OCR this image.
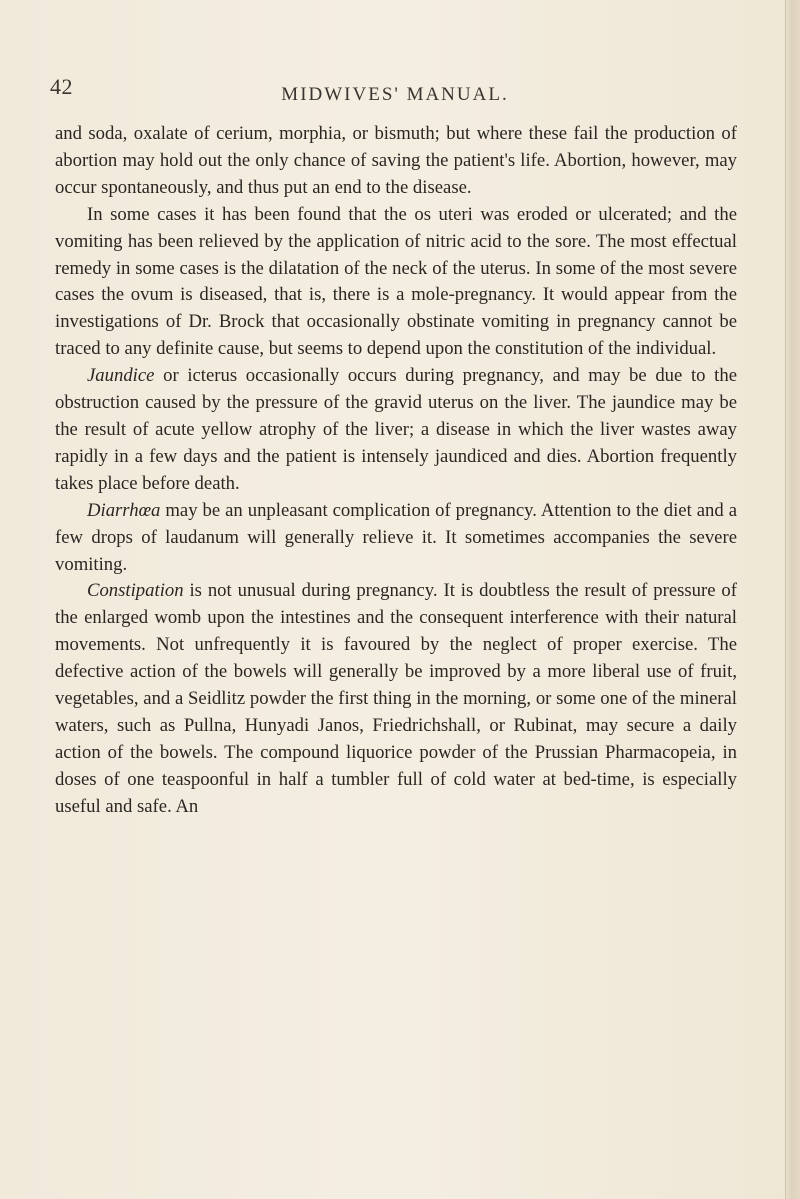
42	MIDWIVES' MANUAL.

and soda, oxalate of cerium, morphia, or bismuth; but where these fail the production of abortion may hold out the only chance of saving the patient's life. Abortion, however, may occur spontaneously, and thus put an end to the disease.

In some cases it has been found that the os uteri was eroded or ulcerated; and the vomiting has been relieved by the application of nitric acid to the sore. The most effectual remedy in some cases is the dilatation of the neck of the uterus. In some of the most severe cases the ovum is diseased, that is, there is a mole-pregnancy. It would appear from the investigations of Dr. Brock that occasionally obstinate vomiting in pregnancy cannot be traced to any definite cause, but seems to depend upon the constitution of the individual.

Jaundice or icterus occasionally occurs during pregnancy, and may be due to the obstruction caused by the pressure of the gravid uterus on the liver. The jaundice may be the result of acute yellow atrophy of the liver; a disease in which the liver wastes away rapidly in a few days and the patient is intensely jaundiced and dies. Abortion frequently takes place before death.

Diarrhœa may be an unpleasant complication of pregnancy. Attention to the diet and a few drops of laudanum will generally relieve it. It sometimes accompanies the severe vomiting.

Constipation is not unusual during pregnancy. It is doubtless the result of pressure of the enlarged womb upon the intestines and the consequent interference with their natural movements. Not unfrequently it is favoured by the neglect of proper exercise. The defective action of the bowels will generally be improved by a more liberal use of fruit, vegetables, and a Seidlitz powder the first thing in the morning, or some one of the mineral waters, such as Pullna, Hunyadi Janos, Friedrichshall, or Rubinat, may secure a daily action of the bowels. The compound liquorice powder of the Prussian Pharmacopeia, in doses of one teaspoonful in half a tumbler full of cold water at bed-time, is especially useful and safe. An
